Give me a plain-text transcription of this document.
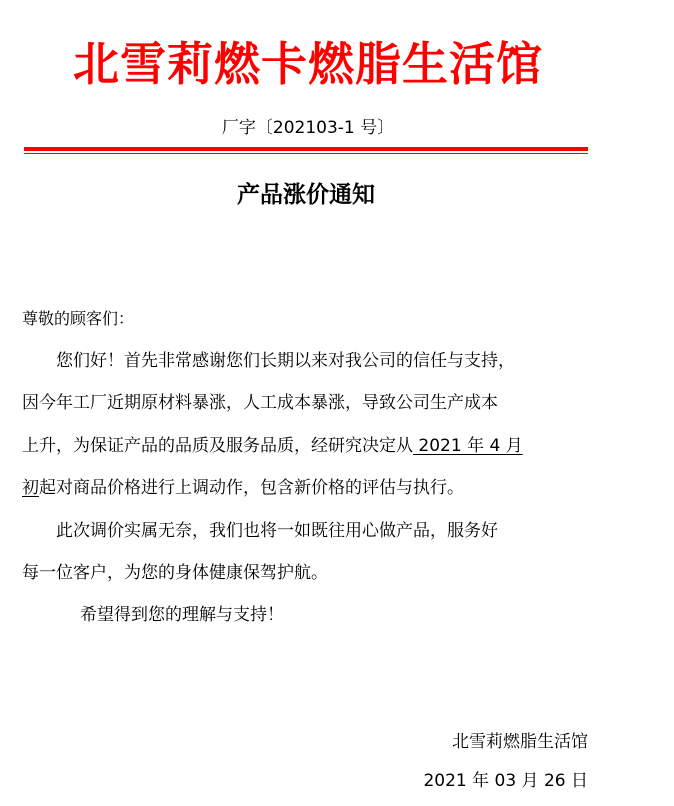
北雪莉燃卡燃脂生活馆
厂字〔202103-1 号〕
产品涨价通知
尊敬的顾客们：
您们好！首先非常感谢您们长期以来对我公司的信任与支持，
因今年工厂近期原材料暴涨，人工成本暴涨，导致公司生产成本
上升，为保证产品的品质及服务品质，经研究决定从 2021 年 4 月
初起对商品价格进行上调动作，包含新价格的评估与执行。
此次调价实属无奈，我们也将一如既往用心做产品，服务好
每一位客户，为您的身体健康保驾护航。
希望得到您的理解与支持！
北雪莉燃脂生活馆
2021 年 03 月 26 日
